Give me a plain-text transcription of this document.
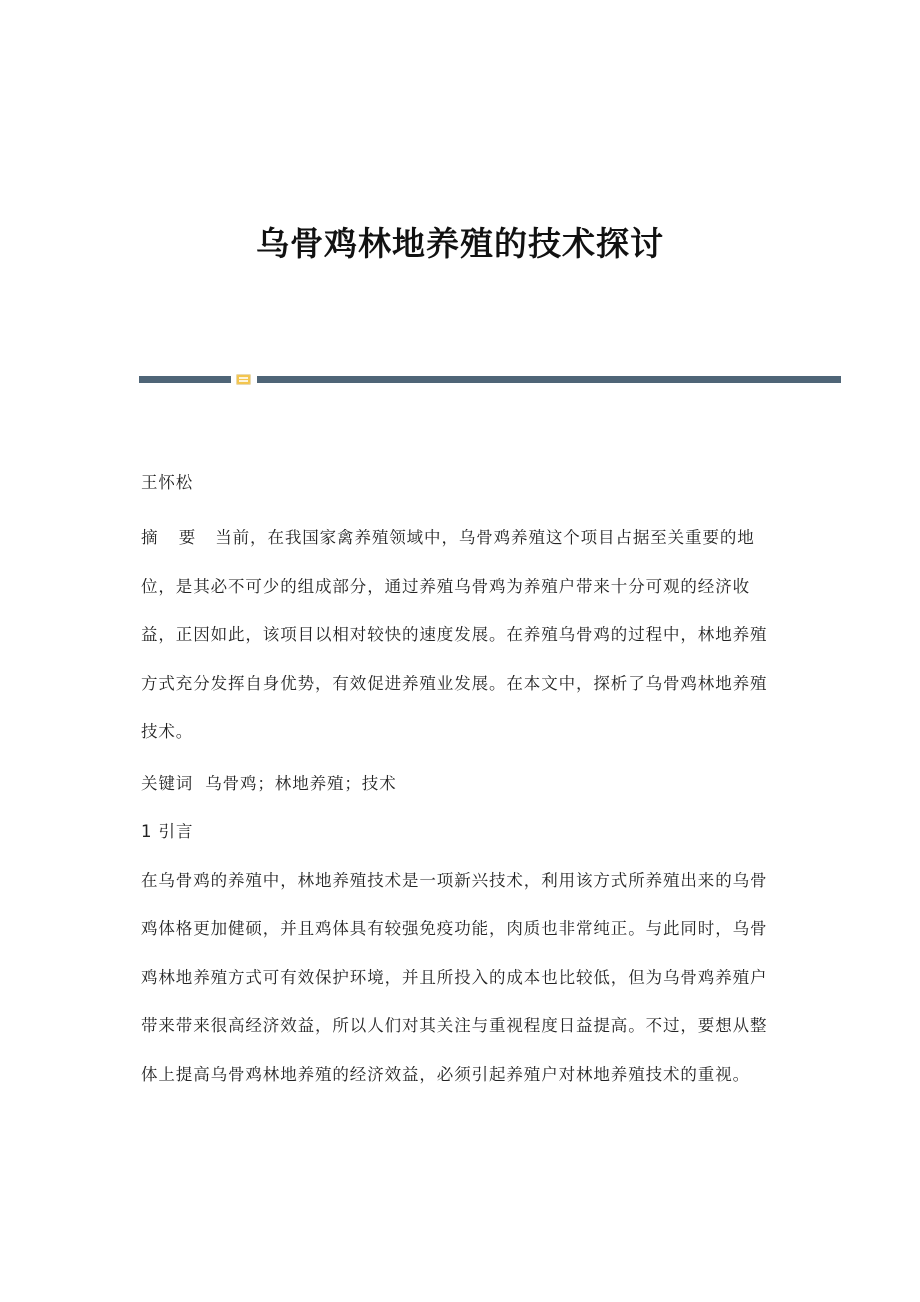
乌骨鸡林地养殖的技术探讨

王怀松

摘 要 当前，在我国家禽养殖领域中，乌骨鸡养殖这个项目占据至关重要的地位，是其必不可少的组成部分，通过养殖乌骨鸡为养殖户带来十分可观的经济收益，正因如此，该项目以相对较快的速度发展。在养殖乌骨鸡的过程中，林地养殖方式充分发挥自身优势，有效促进养殖业发展。在本文中，探析了乌骨鸡林地养殖技术。

关键词 乌骨鸡；林地养殖；技术

1 引言

在乌骨鸡的养殖中，林地养殖技术是一项新兴技术，利用该方式所养殖出来的乌骨鸡体格更加健硕，并且鸡体具有较强免疫功能，肉质也非常纯正。与此同时，乌骨鸡林地养殖方式可有效保护环境，并且所投入的成本也比较低，但为乌骨鸡养殖户带来带来很高经济效益，所以人们对其关注与重视程度日益提高。不过，要想从整体上提高乌骨鸡林地养殖的经济效益，必须引起养殖户对林地养殖技术的重视。
